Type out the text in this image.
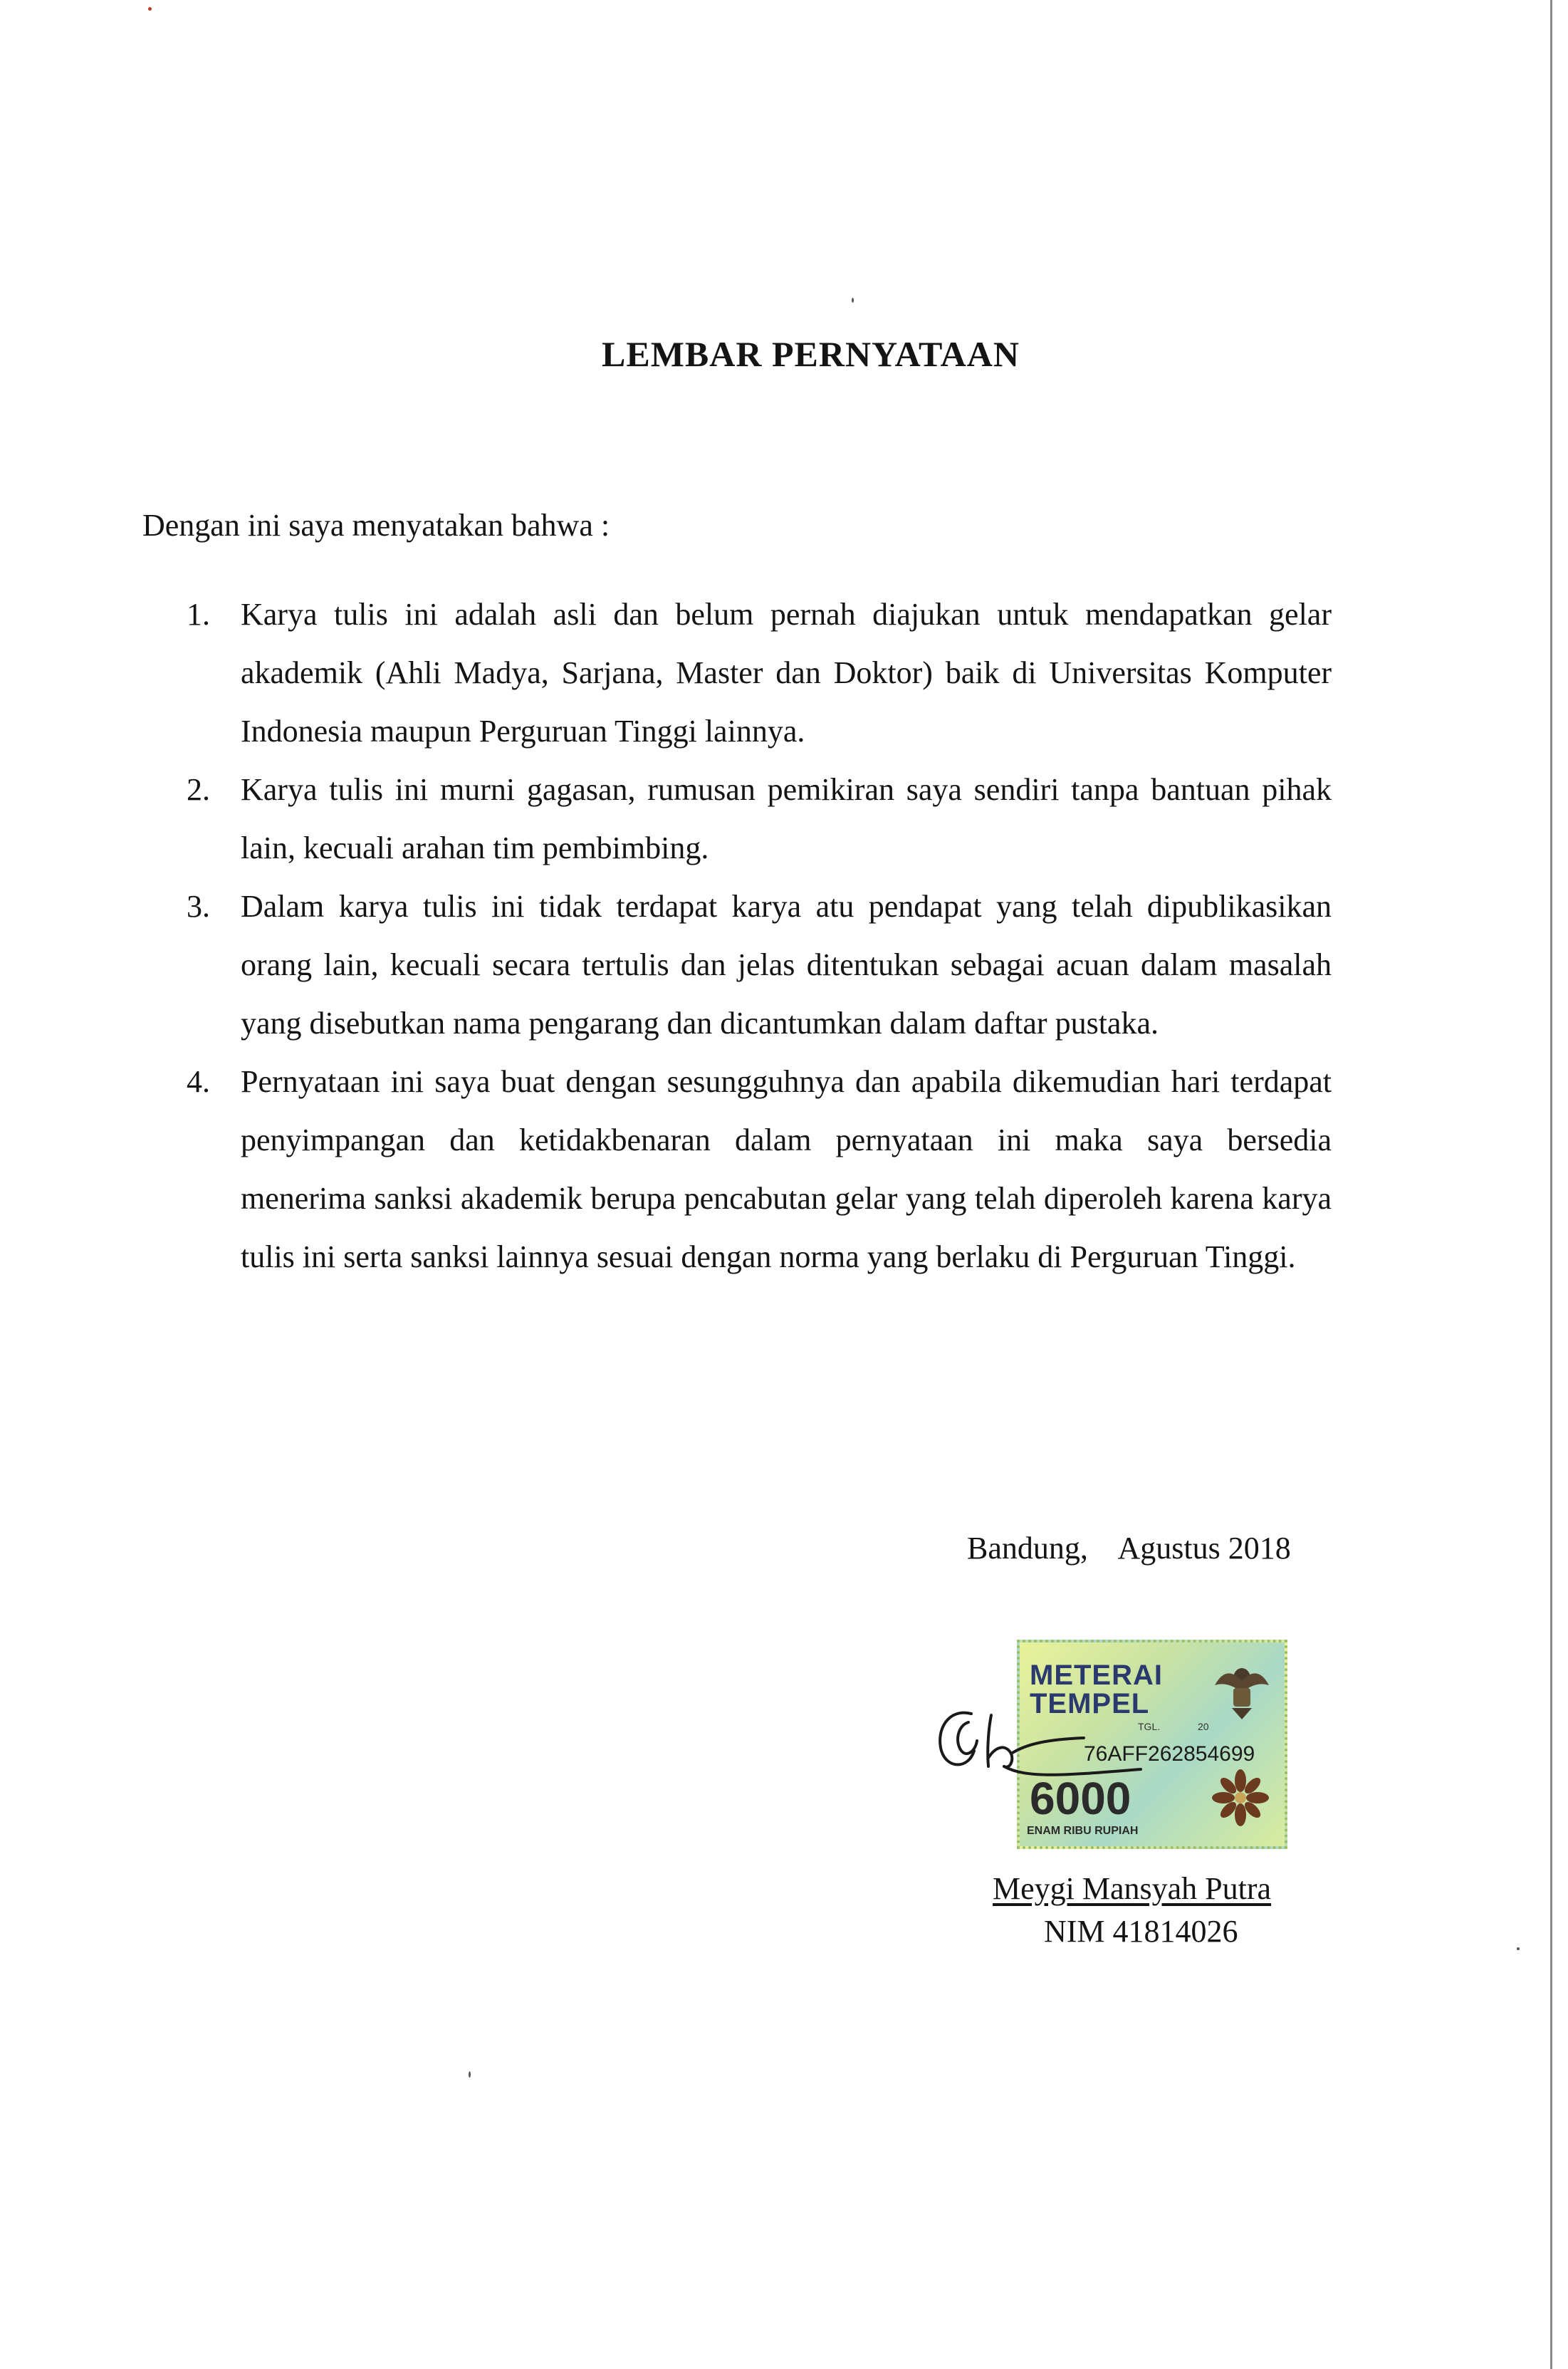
LEMBAR PERNYATAAN
Dengan ini saya menyatakan bahwa :
1. Karya tulis ini adalah asli dan belum pernah diajukan untuk mendapatkan gelar akademik (Ahli Madya, Sarjana, Master dan Doktor) baik di Universitas Komputer Indonesia maupun Perguruan Tinggi lainnya.
2. Karya tulis ini murni gagasan, rumusan pemikiran saya sendiri tanpa bantuan pihak lain, kecuali arahan tim pembimbing.
3. Dalam karya tulis ini tidak terdapat karya atu pendapat yang telah dipublikasikan orang lain, kecuali secara tertulis dan jelas ditentukan sebagai acuan dalam masalah yang disebutkan nama pengarang dan dicantumkan dalam daftar pustaka.
4. Pernyataan ini saya buat dengan sesungguhnya dan apabila dikemudian hari terdapat penyimpangan dan ketidakbenaran dalam pernyataan ini maka saya bersedia menerima sanksi akademik berupa pencabutan gelar yang telah diperoleh karena karya tulis ini serta sanksi lainnya sesuai dengan norma yang berlaku di Perguruan Tinggi.
Bandung, Agustus 2018
METERAI
TEMPEL
TGL.	20
76AFF262854699
6000
ENAM RIBU RUPIAH
Meygi Mansyah Putra
NIM 41814026
